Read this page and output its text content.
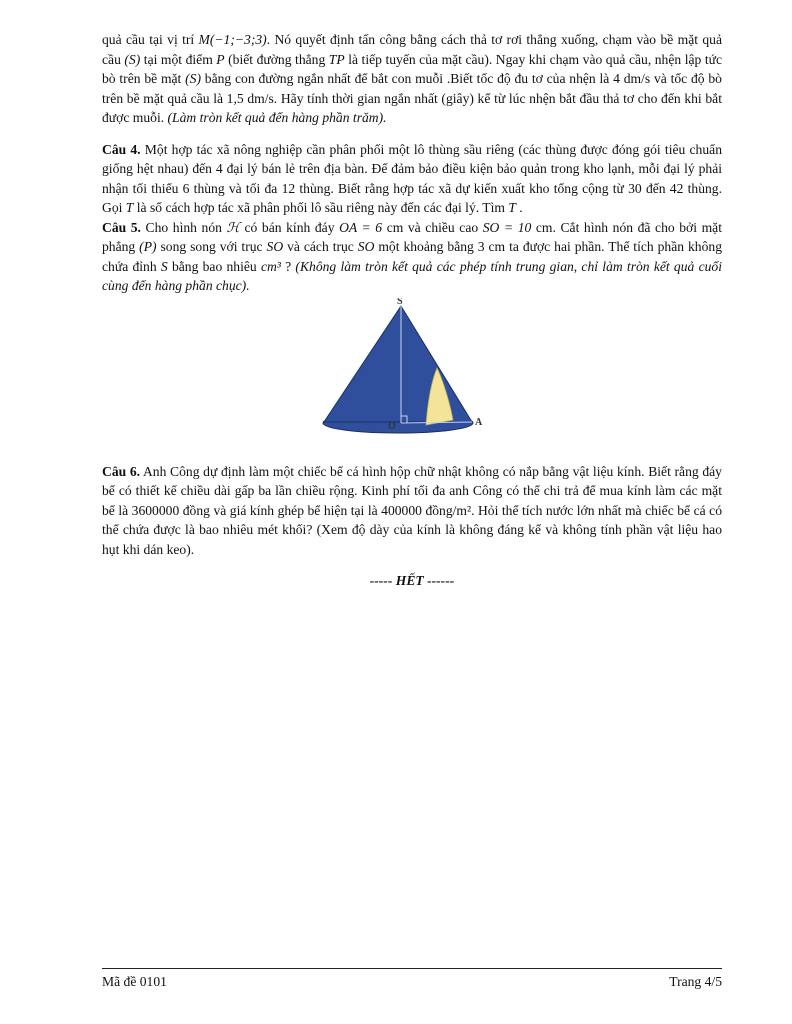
quả cầu tại vị trí M(−1;−3;3). Nó quyết định tấn công bằng cách thả tơ rơi thẳng xuống, chạm vào bề mặt quả cầu (S) tại một điểm P (biết đường thẳng TP là tiếp tuyến của mặt cầu). Ngay khi chạm vào quả cầu, nhện lập tức bò trên bề mặt (S) bằng con đường ngắn nhất để bắt con muỗi .Biết tốc độ đu tơ của nhện là 4 dm/s và tốc độ bò trên bề mặt quả cầu là 1,5 dm/s. Hãy tính thời gian ngắn nhất (giây) kể từ lúc nhện bắt đầu thả tơ cho đến khi bắt được muỗi. (Làm tròn kết quả đến hàng phần trăm).

Câu 4. Một hợp tác xã nông nghiệp cần phân phối một lô thùng sầu riêng (các thùng được đóng gói tiêu chuẩn giống hệt nhau) đến 4 đại lý bán lẻ trên địa bàn. Để đảm bảo điều kiện bảo quản trong kho lạnh, mỗi đại lý phải nhận tối thiểu 6 thùng và tối đa 12 thùng. Biết rằng hợp tác xã dự kiến xuất kho tổng cộng từ 30 đến 42 thùng. Gọi T là số cách hợp tác xã phân phối lô sầu riêng này đến các đại lý. Tìm T .

Câu 5. Cho hình nón ℋ có bán kính đáy OA = 6 cm và chiều cao SO = 10 cm. Cắt hình nón đã cho bởi mặt phẳng (P) song song với trục SO và cách trục SO một khoảng bằng 3 cm ta được hai phần. Thể tích phần không chứa đỉnh S bằng bao nhiêu cm³ ? (Không làm tròn kết quả các phép tính trung gian, chỉ làm tròn kết quả cuối cùng đến hàng phần chục).

S
O	A

Câu 6. Anh Công dự định làm một chiếc bể cá hình hộp chữ nhật không có nắp bằng vật liệu kính. Biết rằng đáy bể có thiết kế chiều dài gấp ba lần chiều rộng. Kinh phí tối đa anh Công có thể chi trả để mua kính làm các mặt bể là 3600000 đồng và giá kính ghép bể hiện tại là 400000 đồng/m². Hỏi thể tích nước lớn nhất mà chiếc bể cá có thể chứa được là bao nhiêu mét khối? (Xem độ dày của kính là không đáng kể và không tính phần vật liệu hao hụt khi dán keo).

----- HẾT ------

Mã đề 0101	Trang 4/5
